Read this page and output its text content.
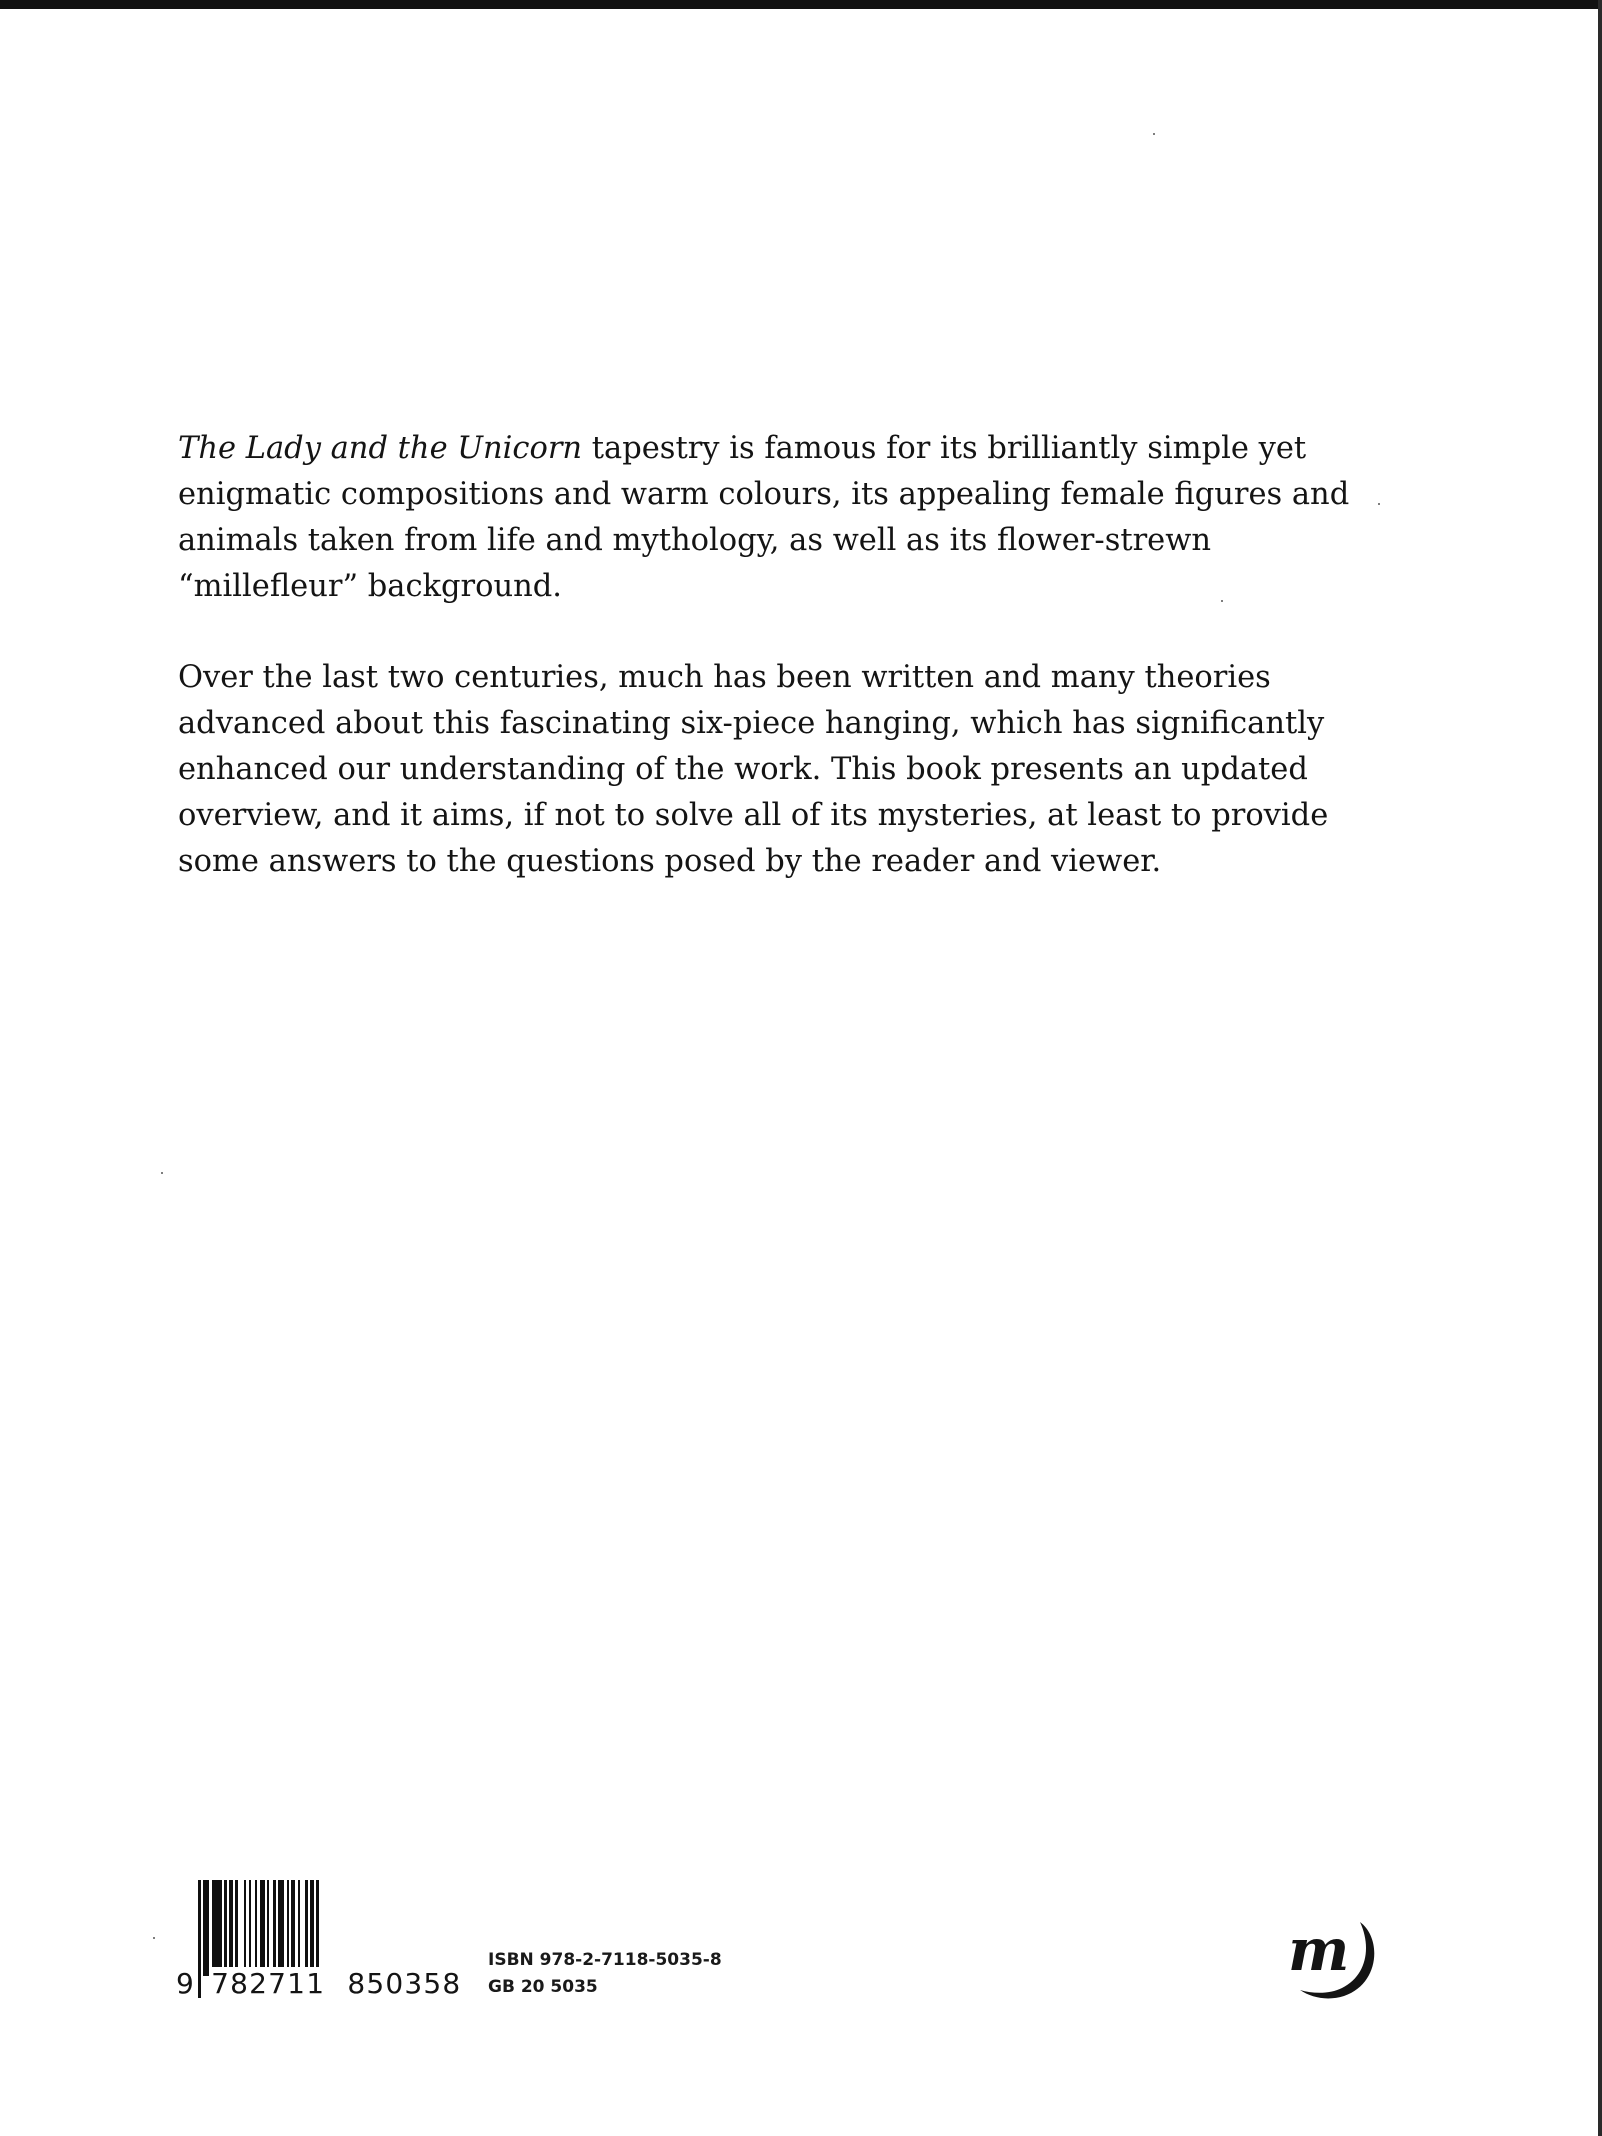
The Lady and the Unicorn tapestry is famous for its brilliantly simple yet enigmatic compositions and warm colours, its appealing female figures and animals taken from life and mythology, as well as its flower-strewn “millefleur” background.

Over the last two centuries, much has been written and many theories advanced about this fascinating six-piece hanging, which has significantly enhanced our understanding of the work. This book presents an updated overview, and it aims, if not to solve all of its mysteries, at least to provide some answers to the questions posed by the reader and viewer.

9 782711 850358
ISBN 978-2-7118-5035-8
GB 20 5035
m
